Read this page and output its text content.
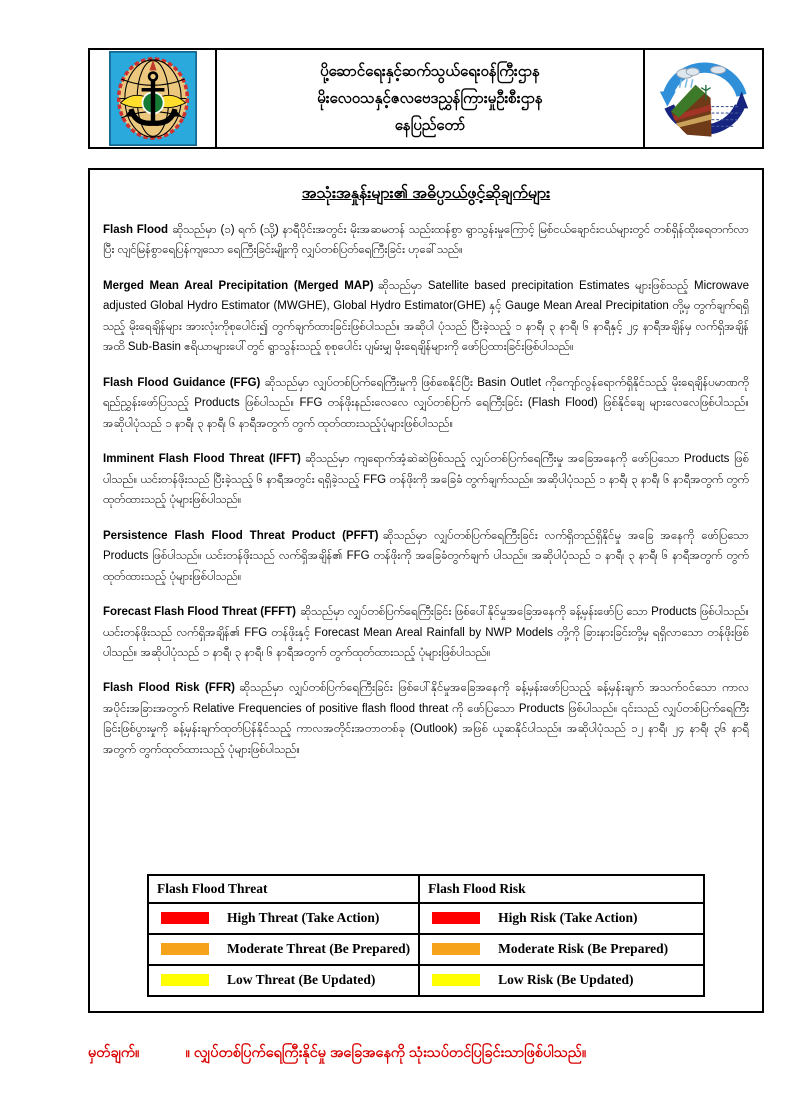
ပို့ဆောင်ရေးနှင့်ဆက်သွယ်ရေးဝန်ကြီးဌာန
မိုးလေဝသနှင့်ဇလဗေဒညွှန်ကြားမှုဦးစီးဌာန
နေပြည်တော်
အသုံးအနှုန်းများ၏ အဓိပ္ပာယ်ဖွင့်ဆိုချက်များ

Flash Flood ဆိုသည်မှာ (၁) ရက် (သို့) နာရီပိုင်းအတွင်း မိုးအဆမတန် သည်းထန်စွာ ရွာသွန်းမှုကြောင့် မြစ်ငယ်ချောင်းငယ်များတွင် တစ်ရှိန်ထိုးရေတက်လာပြီး လျင်မြန်စွာရေပြန်ကျသော ရေကြီးခြင်းမျိုးကို လျှပ်တစ်ပြတ်ရေကြီးခြင်း ဟုခေါ်သည်။

Merged Mean Areal Precipitation (Merged MAP) ဆိုသည်မှာ Satellite based precipitation Estimates များဖြစ်သည့် Microwave adjusted Global Hydro Estimator (MWGHE), Global Hydro Estimator(GHE) နှင့် Gauge Mean Areal Precipitation တို့မှ တွက်ချက်ရရှိသည့် မိုးရေချိန်များ အားလုံးကိုစုပေါင်း၍ တွက်ချက်ထားခြင်းဖြစ်ပါသည်။ အဆိုပါ ပုံသည် ပြီးခဲ့သည့် ၁ နာရီ၊ ၃ နာရီ၊ ၆ နာရီနှင့် ၂၄ နာရီအချိန်မှ လက်ရှိအချိန်အထိ Sub-Basin ဧရိယာများပေါ်တွင် ရွာသွန်းသည့် စုစုပေါင်း ပျမ်းမျှ မိုးရေချိန်များကို ဖော်ပြထားခြင်းဖြစ်ပါသည်။

Flash Flood Guidance (FFG) ဆိုသည်မှာ လျှပ်တစ်ပြက်ရေကြီးမှုကို ဖြစ်စေနိုင်ပြီး Basin Outlet ကိုကျော်လွန်ရောက်ရှိနိုင်သည့် မိုးရေချိန်ပမာဏကို ရည်ညွှန်းဖော်ပြသည့် Products ဖြစ်ပါသည်။ FFG တန်ဖိုးနည်းလေလေ လျှပ်တစ်ပြက် ရေကြီးခြင်း (Flash Flood) ဖြစ်နိုင်ချေ များလေလေဖြစ်ပါသည်။ အဆိုပါပုံသည် ၁ နာရီ၊ ၃ နာရီ၊ ၆ နာရီအတွက် တွက် ထုတ်ထားသည့်ပုံများဖြစ်ပါသည်။

Imminent Flash Flood Threat (IFFT) ဆိုသည်မှာ ကျရောက်အံ့ဆဲဆဲဖြစ်သည့် လျှပ်တစ်ပြက်ရေကြီးမှု အခြေအနေကို ဖော်ပြသော Products ဖြစ်ပါသည်။ ယင်းတန်ဖိုးသည် ပြီးခဲ့သည့် ၆ နာရီအတွင်း ရရှိခဲ့သည့် FFG တန်ဖိုးကို အခြေခံ တွက်ချက်သည်။ အဆိုပါပုံသည် ၁ နာရီ၊ ၃ နာရီ၊ ၆ နာရီအတွက် တွက်ထုတ်ထားသည့် ပုံများဖြစ်ပါသည်။

Persistence Flash Flood Threat Product (PFFT) ဆိုသည်မှာ လျှပ်တစ်ပြက်ရေကြီးခြင်း လက်ရှိတည်ရှိနိုင်မှု အခြေ အနေကို ဖော်ပြသော Products ဖြစ်ပါသည်။ ယင်းတန်ဖိုးသည် လက်ရှိအချိန်၏ FFG တန်ဖိုးကို အခြေခံတွက်ချက် ပါသည်။ အဆိုပါပုံသည် ၁ နာရီ၊ ၃ နာရီ၊ ၆ နာရီအတွက် တွက်ထုတ်ထားသည့် ပုံများဖြစ်ပါသည်။

Forecast Flash Flood Threat (FFFT) ဆိုသည်မှာ လျှပ်တစ်ပြက်ရေကြီးခြင်း ဖြစ်ပေါ်နိုင်မှုအခြေအနေကို ခန့်မှန်းဖော်ပြ သော Products ဖြစ်ပါသည်။ ယင်းတန်ဖိုးသည် လက်ရှိအချိန်၏ FFG တန်ဖိုးနှင့် Forecast Mean Areal Rainfall by NWP Models တို့ကို ခြားနားခြင်းတို့မှ ရရှိလာသော တန်ဖိုးဖြစ်ပါသည်။ အဆိုပါပုံသည် ၁ နာရီ၊ ၃ နာရီ၊ ၆ နာရီအတွက် တွက်ထုတ်ထားသည့် ပုံများဖြစ်ပါသည်။

Flash Flood Risk (FFR) ဆိုသည်မှာ လျှပ်တစ်ပြက်ရေကြီးခြင်း ဖြစ်ပေါ်နိုင်မှုအခြေအနေကို ခန့်မှန်းဖော်ပြသည့် ခန့်မှန်းချက် အသက်ဝင်သော ကာလအပိုင်းအခြားအတွက် Relative Frequencies of positive flash flood threat ကို ဖော်ပြသော Products ဖြစ်ပါသည်။ ၎င်းသည် လျှပ်တစ်ပြက်ရေကြီးခြင်းဖြစ်ပွားမှုကို ခန့်မှန်းချက်ထုတ်ပြန်နိုင်သည့် ကာလအတိုင်းအတာတစ်ခု (Outlook) အဖြစ် ယူဆနိုင်ပါသည်။ အဆိုပါပုံသည် ၁၂ နာရီ၊ ၂၄ နာရီ၊ ၃၆ နာရီအတွက် တွက်ထုတ်ထားသည့် ပုံများဖြစ်ပါသည်။

Flash Flood Threat	Flash Flood Risk
High Threat (Take Action)	High Risk (Take Action)
Moderate Threat (Be Prepared)	Moderate Risk (Be Prepared)
Low Threat (Be Updated)	Low Risk (Be Updated)
မှတ်ချက်။	။ လျှပ်တစ်ပြက်ရေကြီးနိုင်မှု အခြေအနေကို သုံးသပ်တင်ပြခြင်းသာဖြစ်ပါသည်။
